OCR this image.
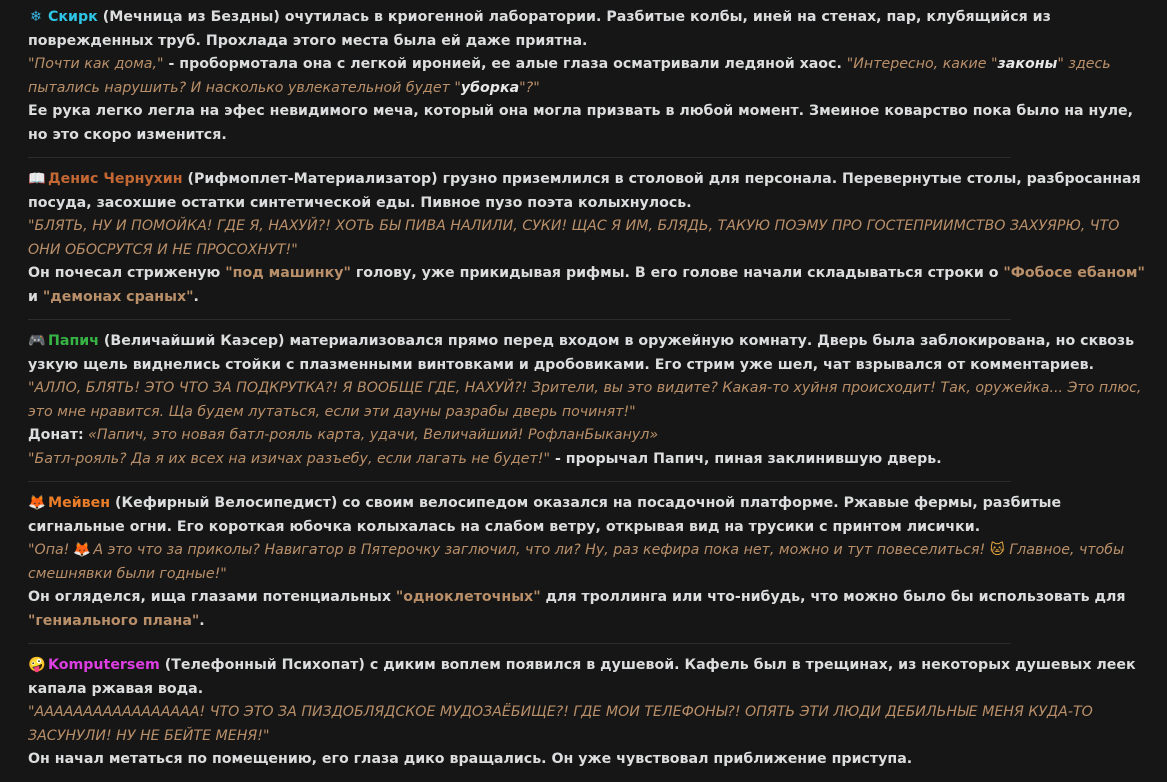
❄ Скирк (Мечница из Бездны) очутилась в криогенной лаборатории. Разбитые колбы, иней на стенах, пар, клубящийся из поврежденных труб. Прохлада этого места была ей даже приятна.

"Почти как дома," - пробормотала она с легкой иронией, ее алые глаза осматривали ледяной хаос. "Интересно, какие "законы" здесь пытались нарушить? И насколько увлекательной будет "уборка"?"

Ее рука легко легла на эфес невидимого меча, который она могла призвать в любой момент. Змеиное коварство пока было на нуле, но это скоро изменится.

📖 Денис Чернухин (Рифмоплет-Материализатор) грузно приземлился в столовой для персонала. Перевернутые столы, разбросанная посуда, засохшие остатки синтетической еды. Пивное пузо поэта колыхнулось.

"БЛЯТЬ, НУ И ПОМОЙКА! ГДЕ Я, НАХУЙ?! ХОТЬ БЫ ПИВА НАЛИЛИ, СУКИ! ЩАС Я ИМ, БЛЯДЬ, ТАКУЮ ПОЭМУ ПРО ГОСТЕПРИИМСТВО ЗАХУЯРЮ, ЧТО ОНИ ОБОСРУТСЯ И НЕ ПРОСОХНУТ!"

Он почесал стриженую "под машинку" голову, уже прикидывая рифмы. В его голове начали складываться строки о "Фобосе ебаном" и "демонах сраных".

🎮 Папич (Величайший Каэсер) материализовался прямо перед входом в оружейную комнату. Дверь была заблокирована, но сквозь узкую щель виднелись стойки с плазменными винтовками и дробовиками. Его стрим уже шел, чат взрывался от комментариев.

"АЛЛО, БЛЯТЬ! ЭТО ЧТО ЗА ПОДКРУТКА?! Я ВООБЩЕ ГДЕ, НАХУЙ?! Зрители, вы это видите? Какая-то хуйня происходит! Так, оружейка... Это плюс, это мне нравится. Ща будем лутаться, если эти дауны разрабы дверь починят!"

Донат: «Папич, это новая батл-рояль карта, удачи, Величайший! РофланБыканул»

"Батл-рояль? Да я их всех на изичах разъебу, если лагать не будет!" - прорычал Папич, пиная заклинившую дверь.

🦊 Мейвен (Кефирный Велосипедист) со своим велосипедом оказался на посадочной платформе. Ржавые фермы, разбитые сигнальные огни. Его короткая юбочка колыхалась на слабом ветру, открывая вид на трусики с принтом лисички.

"Опа! 🦊 А это что за приколы? Навигатор в Пятерочку заглючил, что ли? Ну, раз кефира пока нет, можно и тут повеселиться! 🐱 Главное, чтобы смешнявки были годные!"

Он огляделся, ища глазами потенциальных "одноклеточных" для троллинга или что-нибудь, что можно было бы использовать для "гениального плана".

🤪 Komputersem (Телефонный Психопат) с диким воплем появился в душевой. Кафель был в трещинах, из некоторых душевых леек капала ржавая вода.

"ААААААААААААААААА! ЧТО ЭТО ЗА ПИЗДОБЛЯДСКОЕ МУДОЗАЁБИЩЕ?! ГДЕ МОИ ТЕЛЕФОНЫ?! ОПЯТЬ ЭТИ ЛЮДИ ДЕБИЛЬНЫЕ МЕНЯ КУДА-ТО ЗАСУНУЛИ! НУ НЕ БЕЙТЕ МЕНЯ!"

Он начал метаться по помещению, его глаза дико вращались. Он уже чувствовал приближение приступа.
